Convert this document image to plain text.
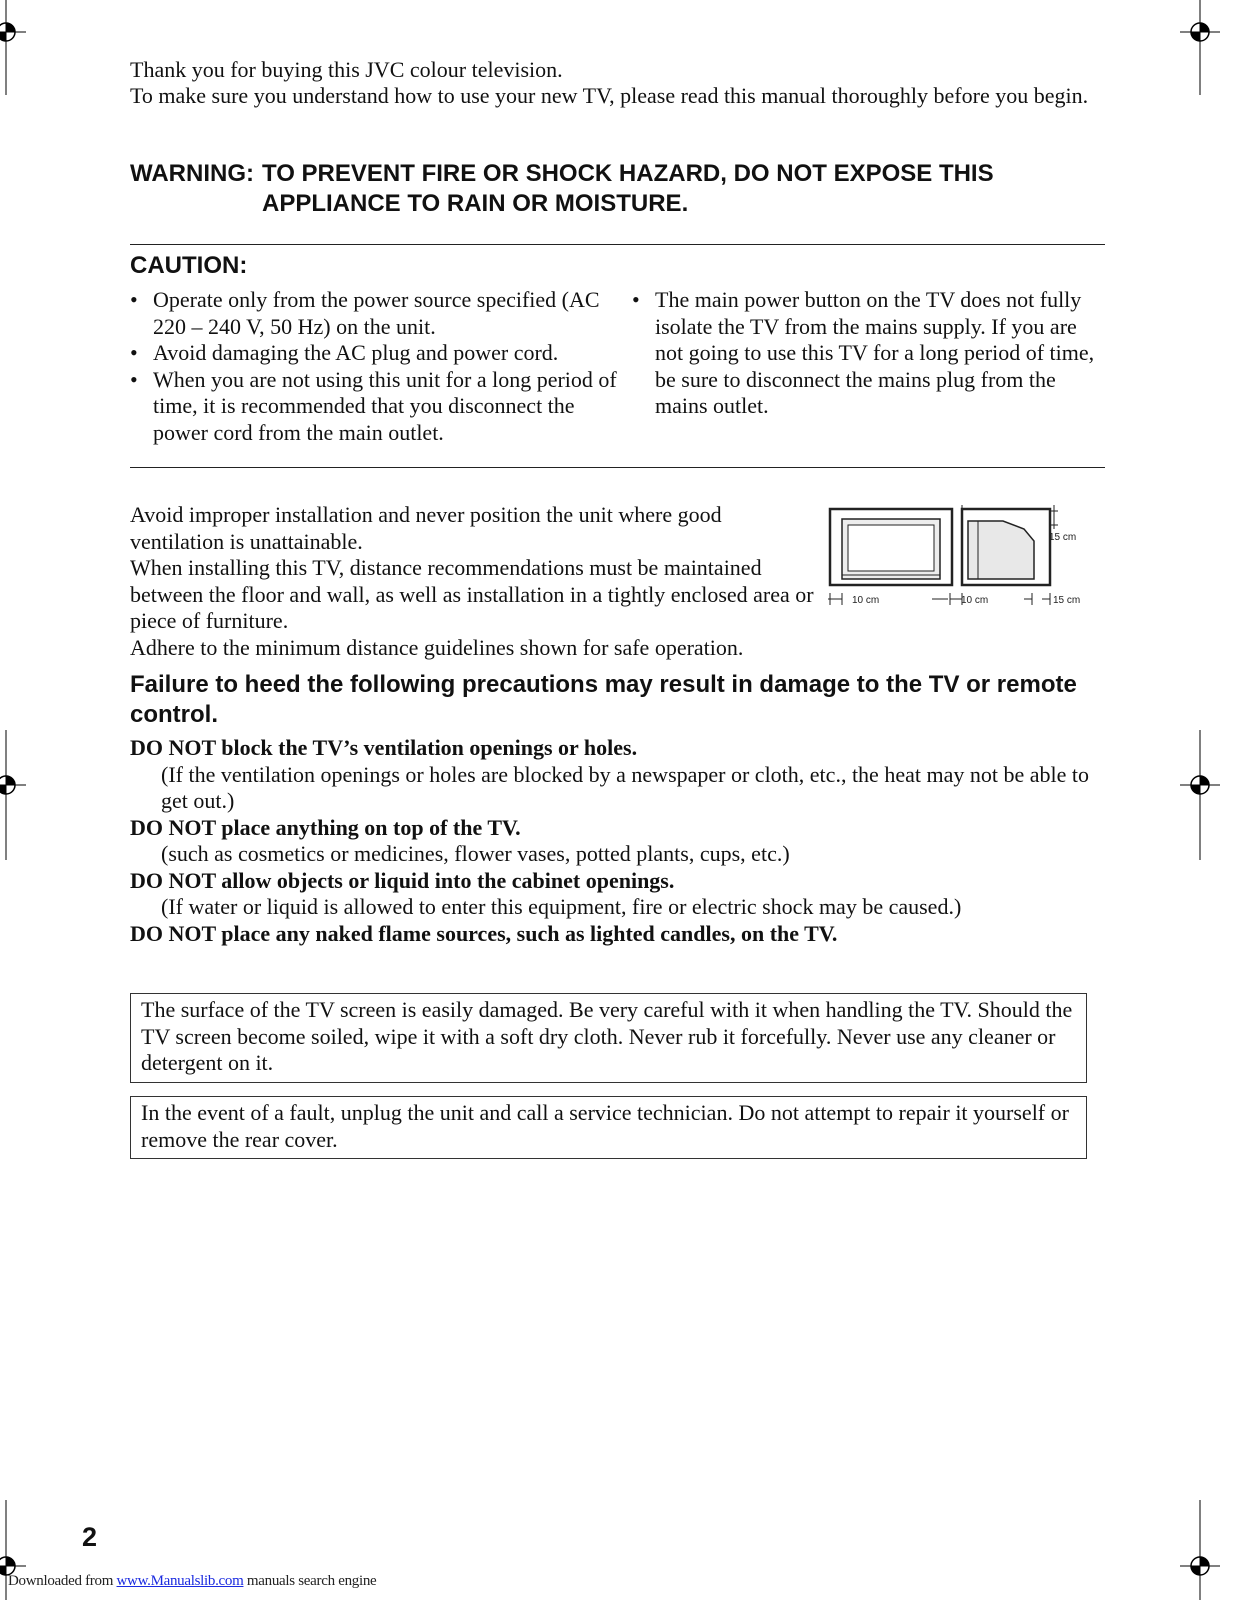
Thank you for buying this JVC colour television.

To make sure you understand how to use your new TV, please read this manual thoroughly before you begin.

WARNING: TO PREVENT FIRE OR SHOCK HAZARD, DO NOT EXPOSE THIS APPLIANCE TO RAIN OR MOISTURE.
CAUTION:
• Operate only from the power source specified (AC 220 – 240 V, 50 Hz) on the unit.
• Avoid damaging the AC plug and power cord.
• When you are not using this unit for a long period of time, it is recommended that you disconnect the power cord from the main outlet.
• The main power button on the TV does not fully isolate the TV from the mains supply. If you are not going to use this TV for a long period of time, be sure to disconnect the mains plug from the mains outlet.

Avoid improper installation and never position the unit where good ventilation is unattainable.

When installing this TV, distance recommendations must be maintained between the floor and wall, as well as installation in a tightly enclosed area or piece of furniture.

Adhere to the minimum distance guidelines shown for safe operation.

15 cm
10 cm	10 cm	15 cm
Failure to heed the following precautions may result in damage to the TV or remote control.

DO NOT block the TV’s ventilation openings or holes.

(If the ventilation openings or holes are blocked by a newspaper or cloth, etc., the heat may not be able to get out.)

DO NOT place anything on top of the TV.

(such as cosmetics or medicines, flower vases, potted plants, cups, etc.)

DO NOT allow objects or liquid into the cabinet openings.

(If water or liquid is allowed to enter this equipment, fire or electric shock may be caused.)

DO NOT place any naked flame sources, such as lighted candles, on the TV.

The surface of the TV screen is easily damaged. Be very careful with it when handling the TV. Should the TV screen become soiled, wipe it with a soft dry cloth. Never rub it forcefully. Never use any cleaner or detergent on it.

In the event of a fault, unplug the unit and call a service technician. Do not attempt to repair it yourself or remove the rear cover.

2
Downloaded from www.Manualslib.com manuals search engine
